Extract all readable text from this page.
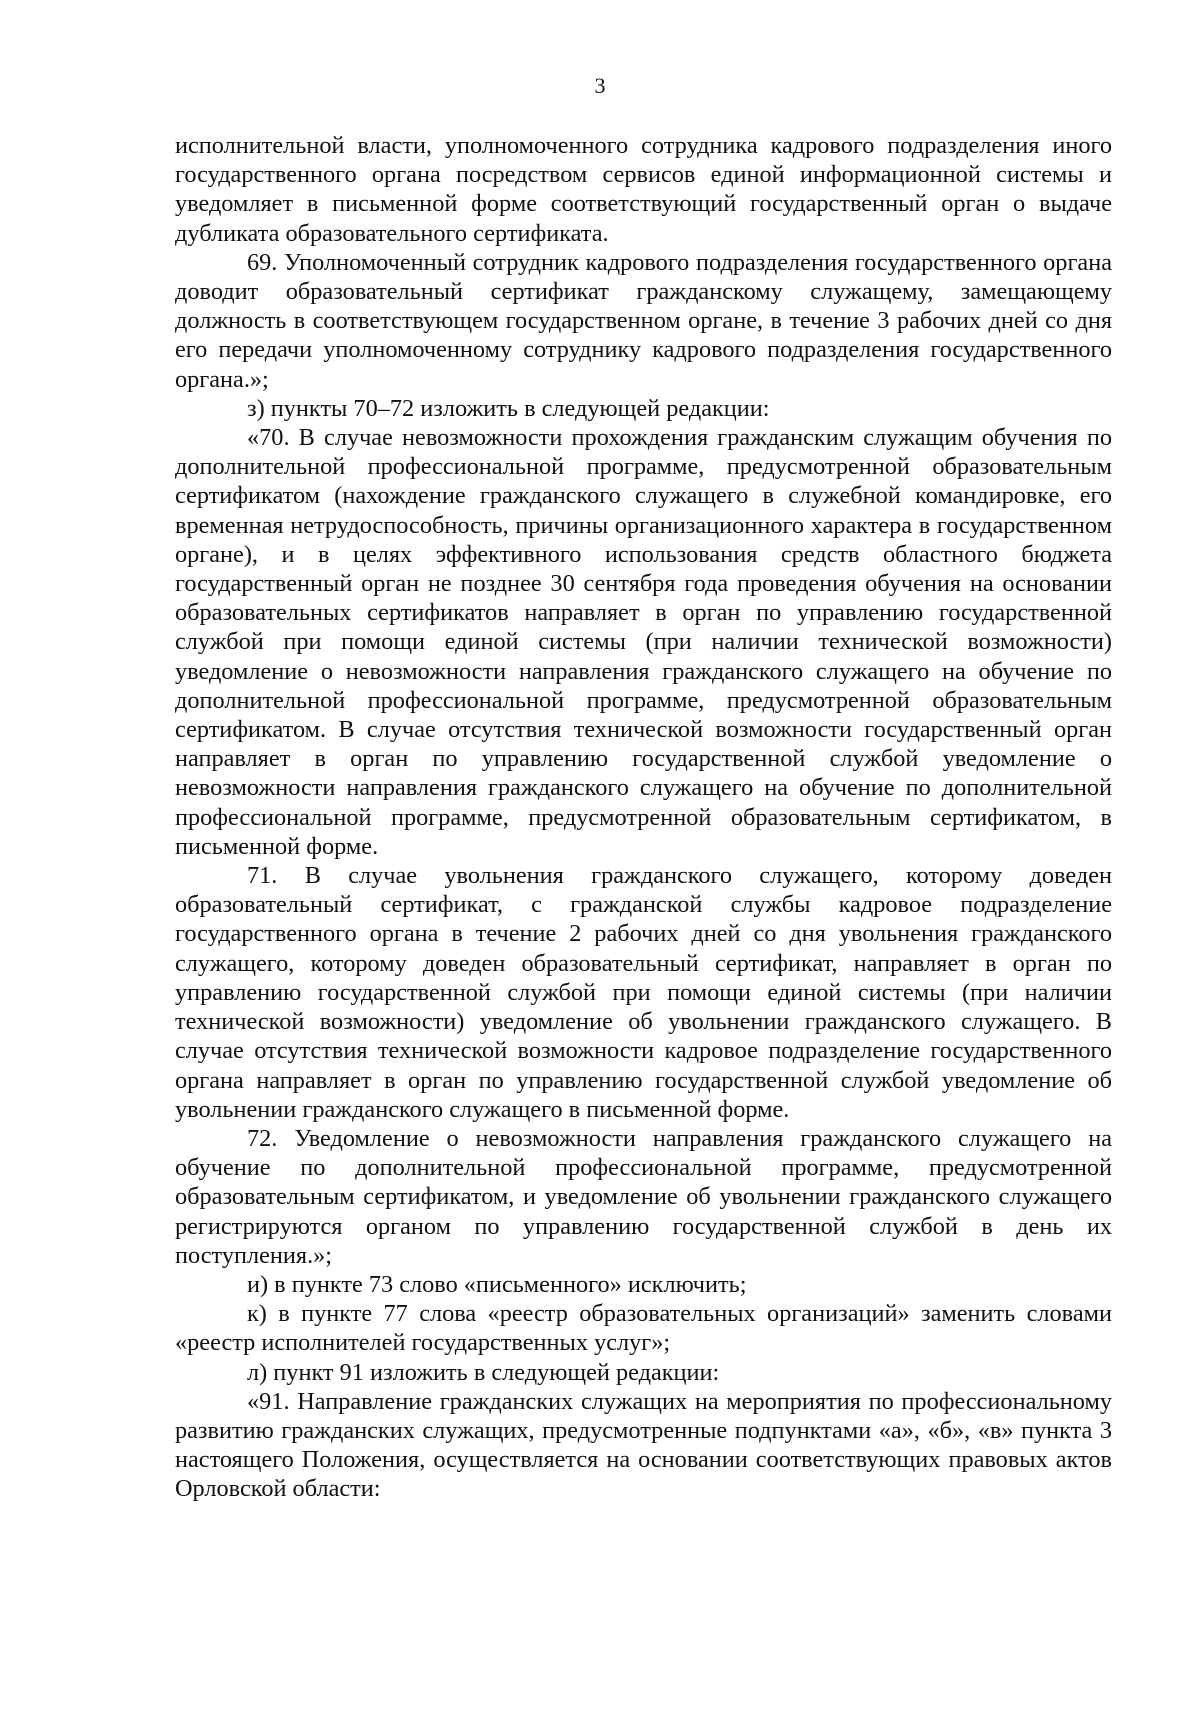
3

исполнительной власти, уполномоченного сотрудника кадрового подразделения иного государственного органа посредством сервисов единой информационной системы и уведомляет в письменной форме соответствующий государственный орган о выдаче дубликата образовательного сертификата.

69. Уполномоченный сотрудник кадрового подразделения государственного органа доводит образовательный сертификат гражданскому служащему, замещающему должность в соответствующем государственном органе, в течение 3 рабочих дней со дня его передачи уполномоченному сотруднику кадрового подразделения государственного органа.»;

з) пункты 70–72 изложить в следующей редакции:

«70. В случае невозможности прохождения гражданским служащим обучения по дополнительной профессиональной программе, предусмотренной образовательным сертификатом (нахождение гражданского служащего в служебной командировке, его временная нетрудоспособность, причины организационного характера в государственном органе), и в целях эффективного использования средств областного бюджета государственный орган не позднее 30 сентября года проведения обучения на основании образовательных сертификатов направляет в орган по управлению государственной службой при помощи единой системы (при наличии технической возможности) уведомление о невозможности направления гражданского служащего на обучение по дополнительной профессиональной программе, предусмотренной образовательным сертификатом. В случае отсутствия технической возможности государственный орган направляет в орган по управлению государственной службой уведомление о невозможности направления гражданского служащего на обучение по дополнительной профессиональной программе, предусмотренной образовательным сертификатом, в письменной форме.

71. В случае увольнения гражданского служащего, которому доведен образовательный сертификат, с гражданской службы кадровое подразделение государственного органа в течение 2 рабочих дней со дня увольнения гражданского служащего, которому доведен образовательный сертификат, направляет в орган по управлению государственной службой при помощи единой системы (при наличии технической возможности) уведомление об увольнении гражданского служащего. В случае отсутствия технической возможности кадровое подразделение государственного органа направляет в орган по управлению государственной службой уведомление об увольнении гражданского служащего в письменной форме.

72. Уведомление о невозможности направления гражданского служащего на обучение по дополнительной профессиональной программе, предусмотренной образовательным сертификатом, и уведомление об увольнении гражданского служащего регистрируются органом по управлению государственной службой в день их поступления.»;

и) в пункте 73 слово «письменного» исключить;

к) в пункте 77 слова «реестр образовательных организаций» заменить словами «реестр исполнителей государственных услуг»;

л) пункт 91 изложить в следующей редакции:

«91. Направление гражданских служащих на мероприятия по профессиональному развитию гражданских служащих, предусмотренные подпунктами «а», «б», «в» пункта 3 настоящего Положения, осуществляется на основании соответствующих правовых актов Орловской области:
